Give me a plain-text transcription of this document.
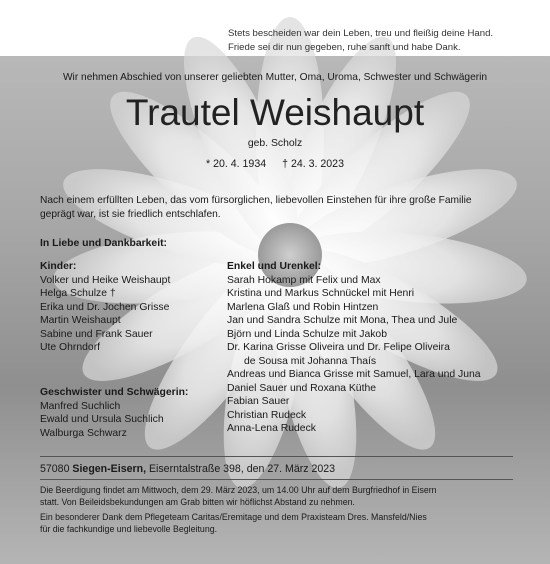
Stets bescheiden war dein Leben, treu und fleißig deine Hand.
Friede sei dir nun gegeben, ruhe sanft und habe Dank.
Wir nehmen Abschied von unserer geliebten Mutter, Oma, Uroma, Schwester und Schwägerin
Trautel Weishaupt
geb. Scholz
* 20. 4. 1934 † 24. 3. 2023
Nach einem erfüllten Leben, das vom fürsorglichen, liebevollen Einstehen für ihre große Familie
geprägt war, ist sie friedlich entschlafen.
In Liebe und Dankbarkeit:
Kinder:
Volker und Heike Weishaupt
Helga Schulze †
Erika und Dr. Jochen Grisse
Martin Weishaupt
Sabine und Frank Sauer
Ute Ohrndorf
Enkel und Urenkel:
Sarah Hokamp mit Felix und Max
Kristina und Markus Schnückel mit Henri
Marlena Glaß und Robin Hintzen
Jan und Sandra Schulze mit Mona, Thea und Jule
Björn und Linda Schulze mit Jakob
Dr. Karina Grisse Oliveira und Dr. Felipe Oliveira
de Sousa mit Johanna Thaís
Andreas und Bianca Grisse mit Samuel, Lara und Juna
Daniel Sauer und Roxana Küthe
Fabian Sauer
Christian Rudeck
Anna-Lena Rudeck
Geschwister und Schwägerin:
Manfred Suchlich
Ewald und Ursula Suchlich
Walburga Schwarz
57080 Siegen-Eisern, Eiserntalstraße 398, den 27. März 2023
Die Beerdigung findet am Mittwoch, dem 29. März 2023, um 14.00 Uhr auf dem Burgfriedhof in Eisern
statt. Von Beileidsbekundungen am Grab bitten wir höflichst Abstand zu nehmen.
Ein besonderer Dank dem Pflegeteam Caritas/Eremitage und dem Praxisteam Dres. Mansfeld/Nies
für die fachkundige und liebevolle Begleitung.
